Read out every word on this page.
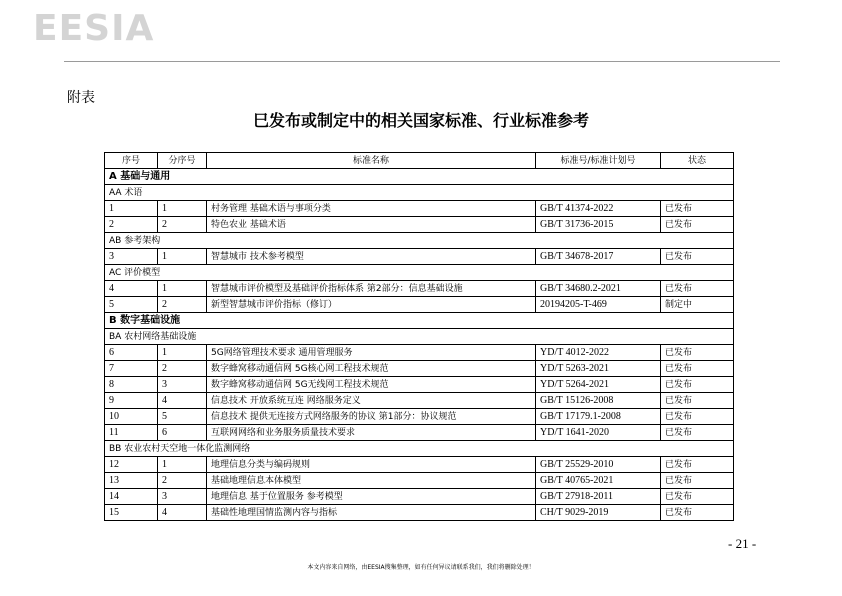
EESIA
附表
巳发布或制定中的相关国家标准、行业标准参考
序号	分序号	标准名称	标准号/标准计划号	状态
A 基础与通用				
AA 术语				
1	1	村务管理 基础术语与事项分类	GB/T 41374-2022	已发布
2	2	特色农业 基础术语	GB/T 31736-2015	已发布
AB 参考架构				
3	1	智慧城市 技术参考模型	GB/T 34678-2017	已发布
AC 评价模型				
4	1	智慧城市评价模型及基础评价指标体系 第2部分：信息基础设施	GB/T 34680.2-2021	已发布
5	2	新型智慧城市评价指标（修订）	20194205-T-469	制定中
B 数字基础设施				
BA 农村网络基础设施				
6	1	5G网络管理技术要求 通用管理服务	YD/T 4012-2022	已发布
7	2	数字蜂窝移动通信网 5G核心网工程技术规范	YD/T 5263-2021	已发布
8	3	数字蜂窝移动通信网 5G无线网工程技术规范	YD/T 5264-2021	已发布
9	4	信息技术 开放系统互连 网络服务定义	GB/T 15126-2008	已发布
10	5	信息技术 提供无连接方式网络服务的协议 第1部分：协议规范	GB/T 17179.1-2008	已发布
11	6	互联网网络和业务服务质量技术要求	YD/T 1641-2020	已发布
BB 农业农村天空地一体化监测网络				
12	1	地理信息分类与编码规则	GB/T 25529-2010	已发布
13	2	基础地理信息本体模型	GB/T 40765-2021	已发布
14	3	地理信息 基于位置服务 参考模型	GB/T 27918-2011	已发布
15	4	基础性地理国情监测内容与指标	CH/T 9029-2019	已发布
- 21 -
本文内容来自网络，由EESIA搜集整理，如有任何异议请联系我们，我们将删除处理！
